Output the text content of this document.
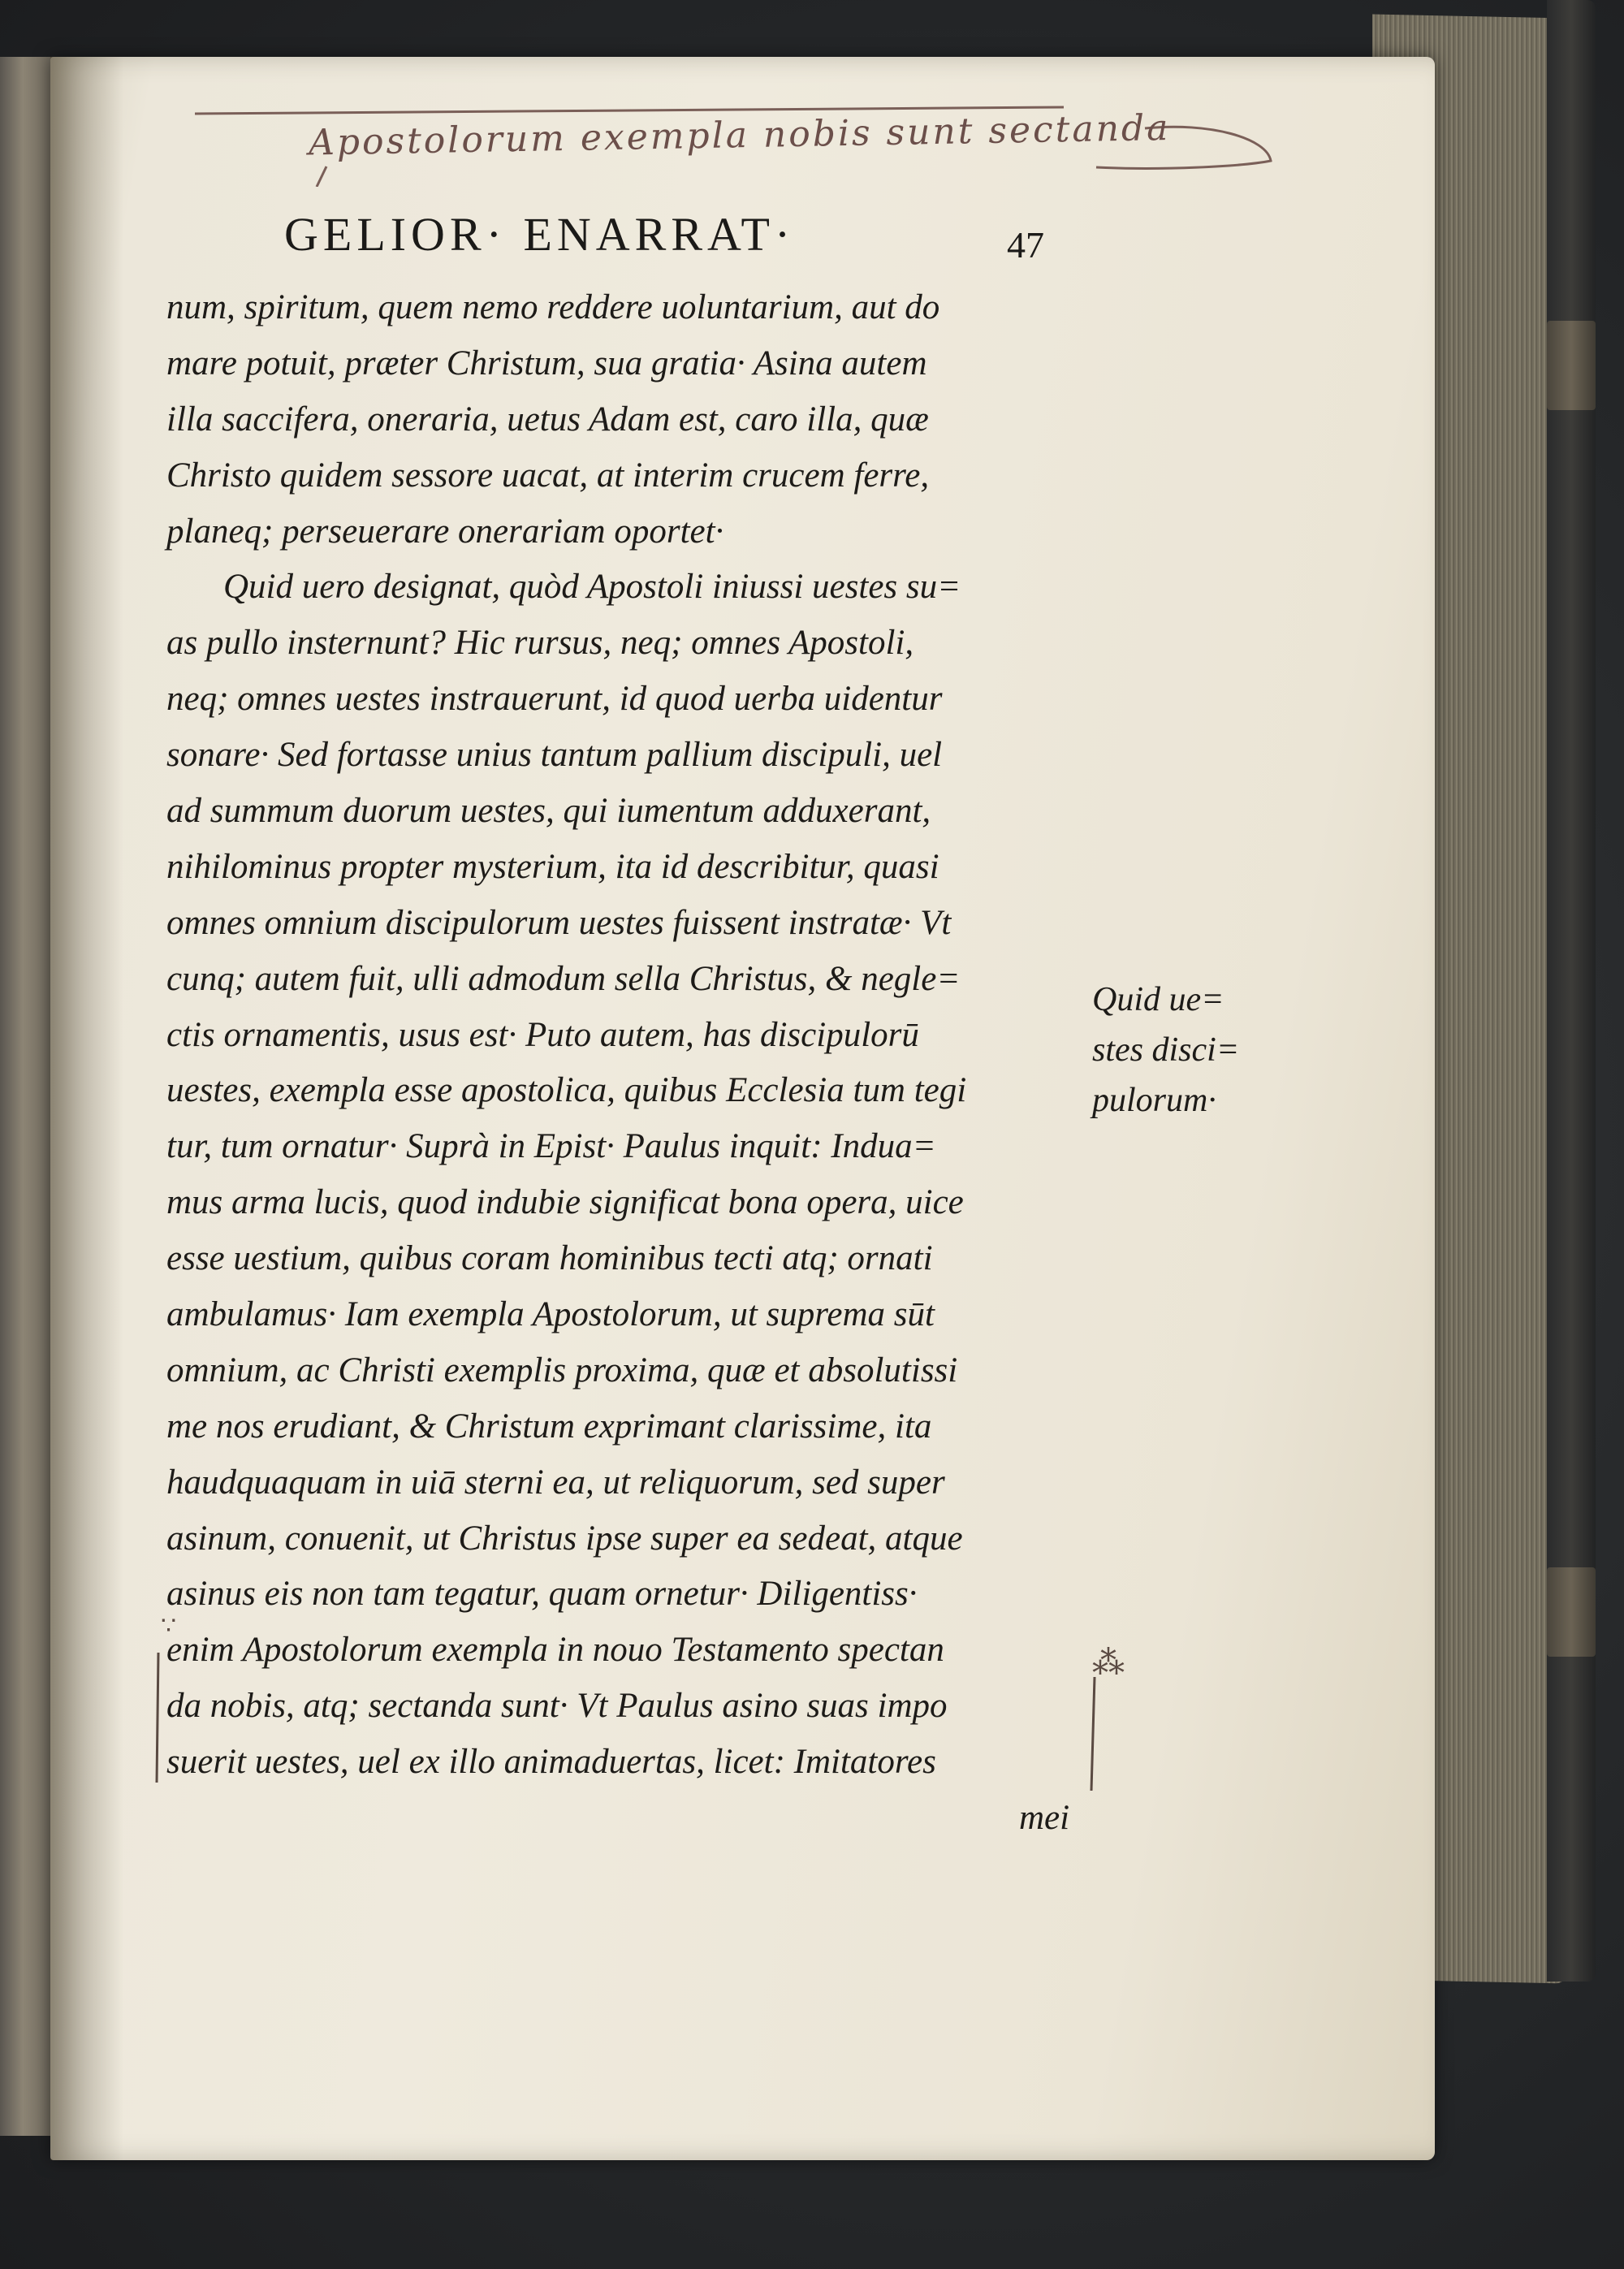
Apostolorum exempla nobis sunt sectanda
GELIOR· ENARRAT·	47
num, spiritum, quem nemo reddere uoluntarium, aut do
mare potuit, præter Christum, sua gratia· Asina autem
illa saccifera, oneraria, uetus Adam est, caro illa, quæ
Christo quidem sessore uacat, at interim crucem ferre,
planeq; perseuerare onerariam oportet·
Quid uero designat, quòd Apostoli iniussi uestes su=
as pullo insternunt? Hic rursus, neq; omnes Apostoli,
neq; omnes uestes instrauerunt, id quod uerba uidentur
sonare· Sed fortasse unius tantum pallium discipuli, uel
ad summum duorum uestes, qui iumentum adduxerant,
nihilominus propter mysterium, ita id describitur, quasi
omnes omnium discipulorum uestes fuissent instratæ· Vt
cunq; autem fuit, ulli admodum sella Christus, & negle=
ctis ornamentis, usus est· Puto autem, has discipulorū
uestes, exempla esse apostolica, quibus Ecclesia tum tegi
tur, tum ornatur· Suprà in Epist· Paulus inquit: Indua=
mus arma lucis, quod indubie significat bona opera, uice
esse uestium, quibus coram hominibus tecti atq; ornati
ambulamus· Iam exempla Apostolorum, ut suprema sūt
omnium, ac Christi exemplis proxima, quæ et absolutissi
me nos erudiant, & Christum exprimant clarissime, ita
haudquaquam in uiā sterni ea, ut reliquorum, sed super
asinum, conuenit, ut Christus ipse super ea sedeat, atque
asinus eis non tam tegatur, quam ornetur· Diligentiss·
enim Apostolorum exempla in nouo Testamento spectan
da nobis, atq; sectanda sunt· Vt Paulus asino suas impo
suerit uestes, uel ex illo animaduertas, licet: Imitatores
mei
Quid ue=
stes disci=
pulorum·
⁂
∵
